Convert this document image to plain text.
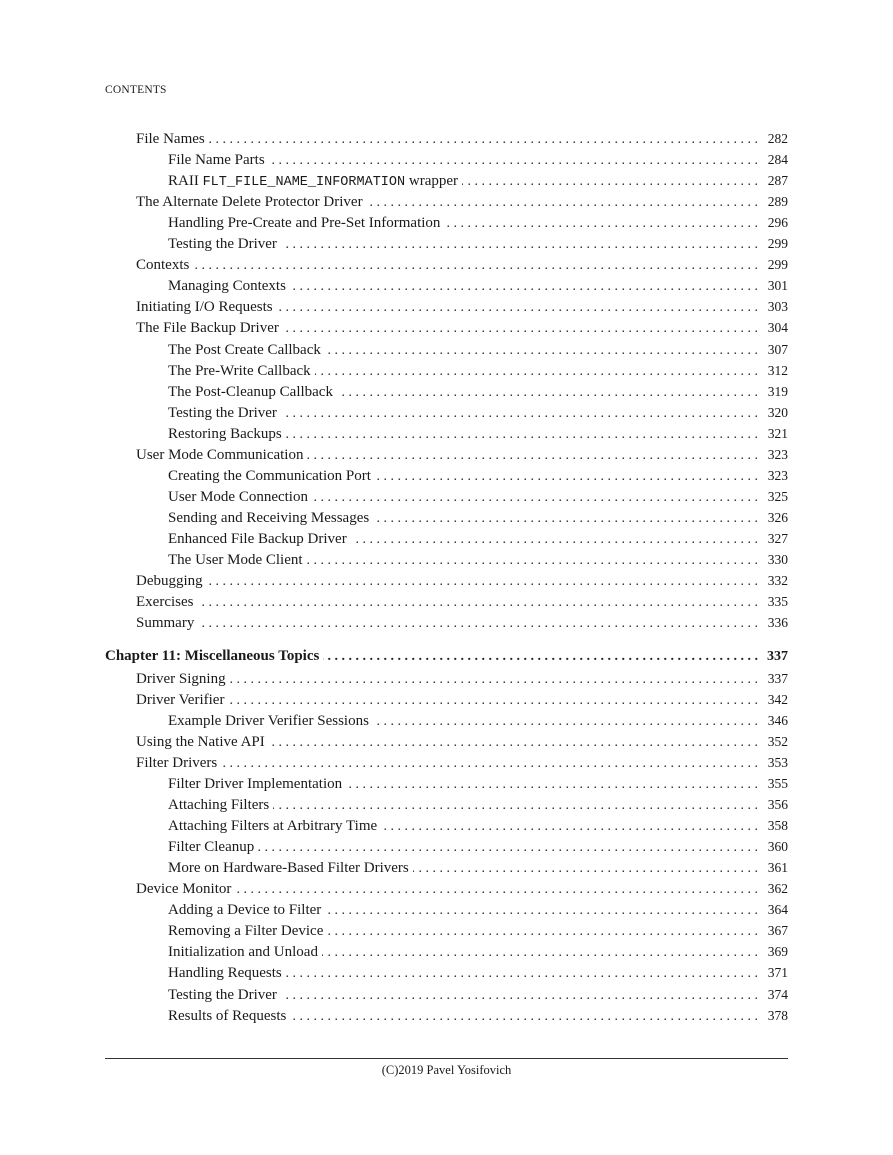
CONTENTS
File Names . . .	282
File Name Parts . . .	284
RAII FLT_FILE_NAME_INFORMATION wrapper . . .	287
The Alternate Delete Protector Driver . . .	289
Handling Pre-Create and Pre-Set Information . . .	296
Testing the Driver . . .	299
Contexts . . .	299
Managing Contexts . . .	301
Initiating I/O Requests . . .	303
The File Backup Driver . . .	304
The Post Create Callback . . .	307
The Pre-Write Callback . . .	312
The Post-Cleanup Callback . . .	319
Testing the Driver . . .	320
Restoring Backups . . .	321
User Mode Communication . . .	323
Creating the Communication Port . . .	323
User Mode Connection . . .	325
Sending and Receiving Messages . . .	326
Enhanced File Backup Driver . . .	327
The User Mode Client . . .	330
Debugging . . .	332
Exercises . . .	335
Summary . . .	336
Chapter 11: Miscellaneous Topics . . .	337
Driver Signing . . .	337
Driver Verifier . . .	342
Example Driver Verifier Sessions . . .	346
Using the Native API . . .	352
Filter Drivers . . .	353
Filter Driver Implementation . . .	355
Attaching Filters . . .	356
Attaching Filters at Arbitrary Time . . .	358
Filter Cleanup . . .	360
More on Hardware-Based Filter Drivers . . .	361
Device Monitor . . .	362
Adding a Device to Filter . . .	364
Removing a Filter Device . . .	367
Initialization and Unload . . .	369
Handling Requests . . .	371
Testing the Driver . . .	374
Results of Requests . . .	378
(C)2019 Pavel Yosifovich
